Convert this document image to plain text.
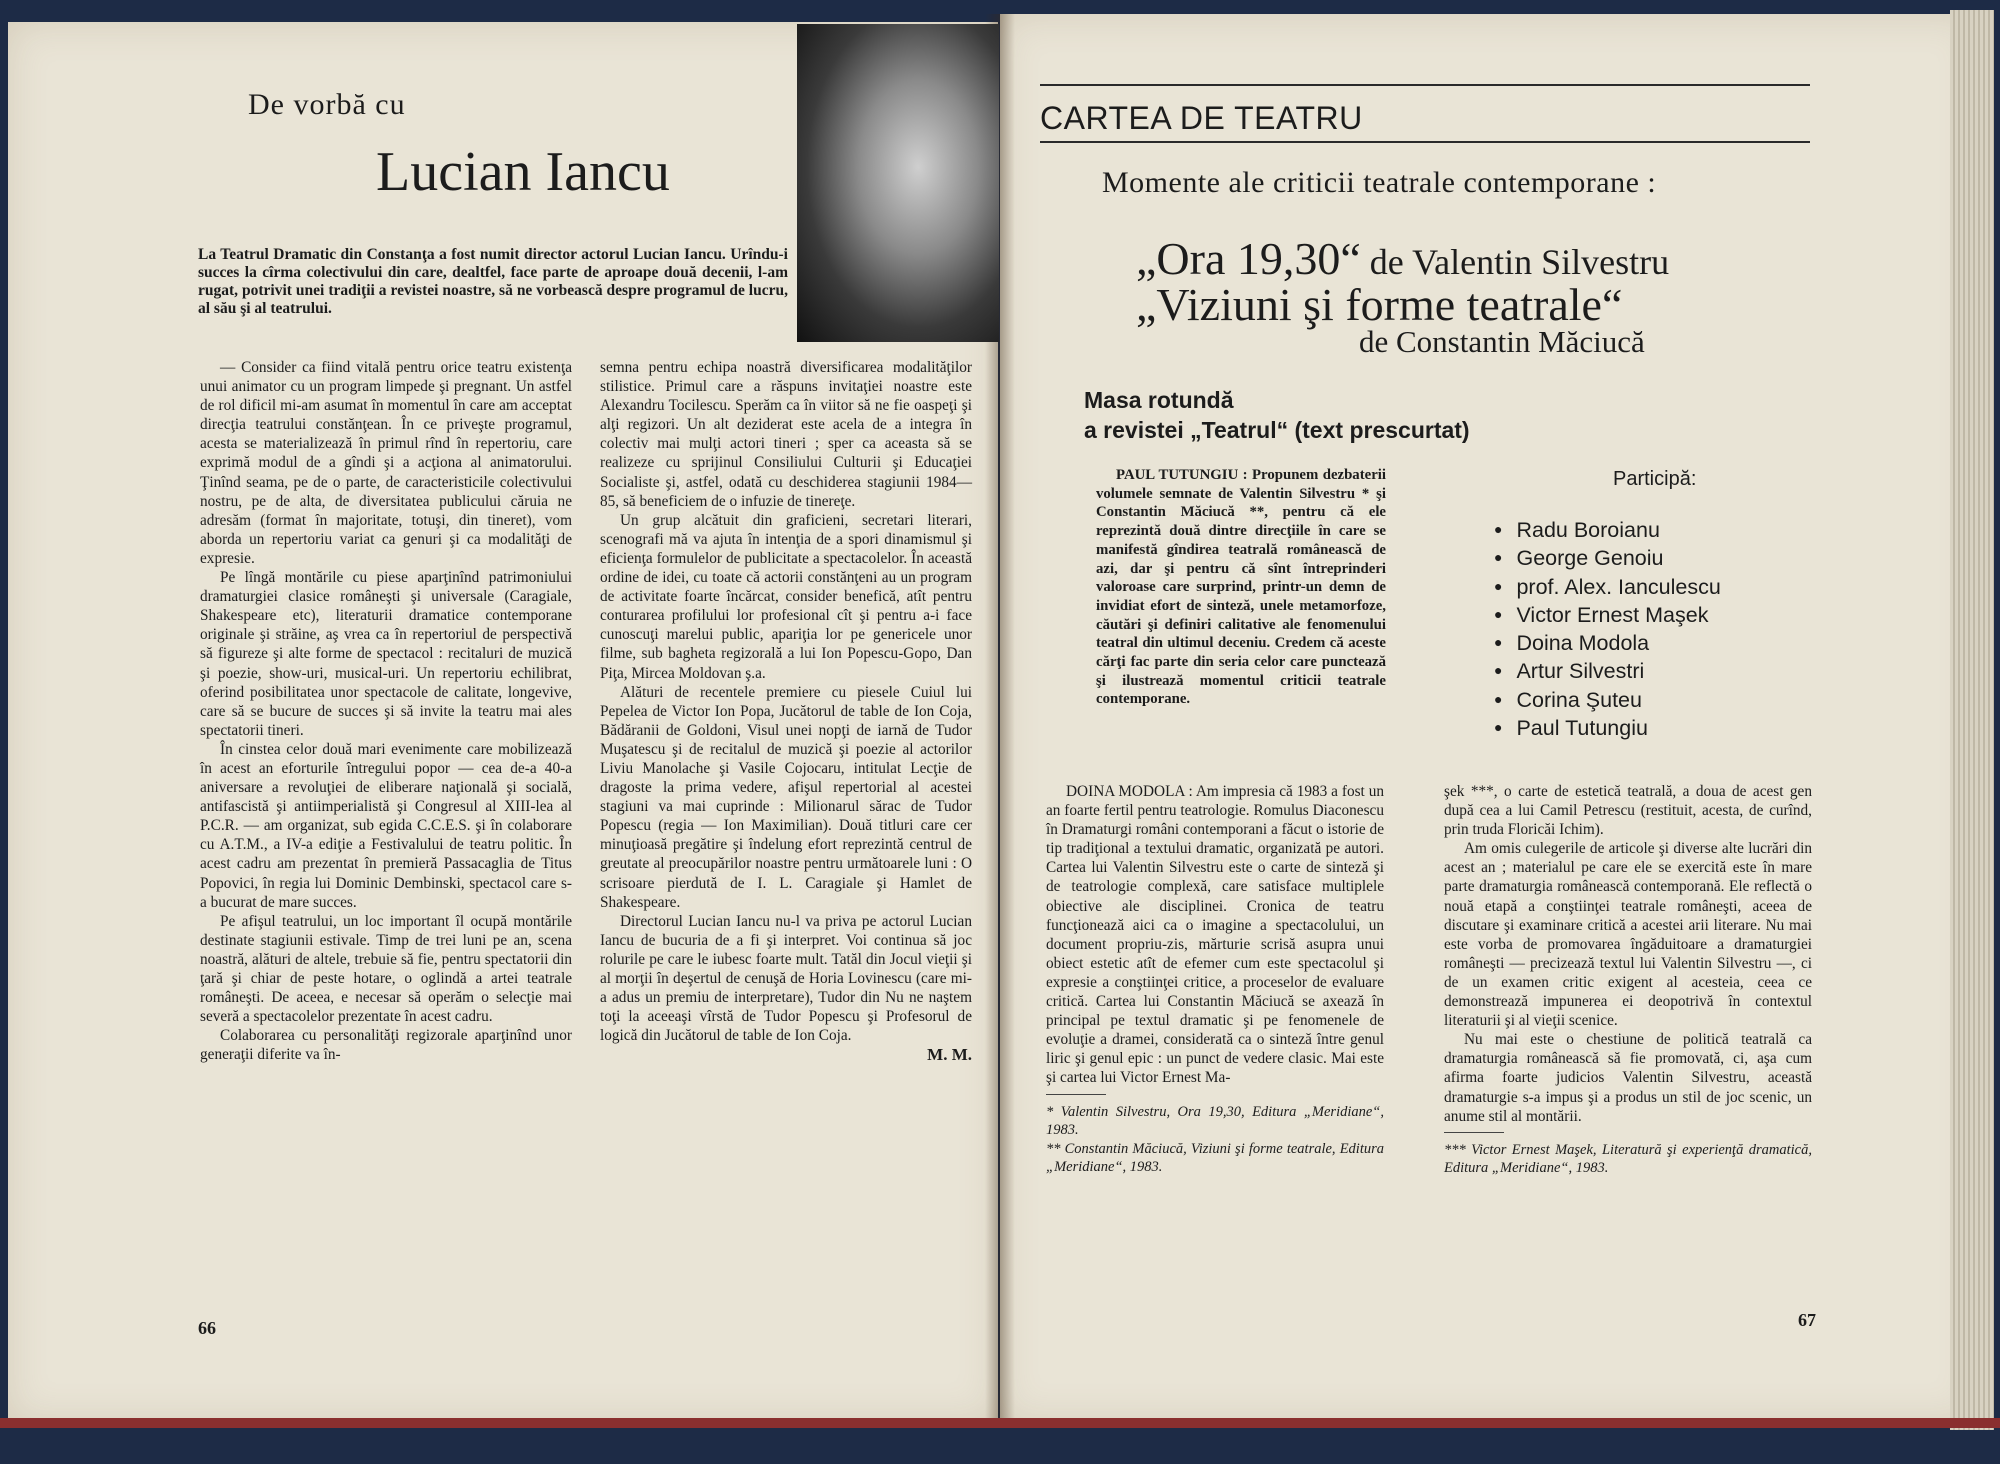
De vorbă cu
Lucian Iancu
La Teatrul Dramatic din Constanţa a fost numit director actorul Lucian Iancu. Urîndu-i succes la cîrma colectivului din care, dealtfel, face parte de aproape două decenii, l-am rugat, potrivit unei tradiţii a revistei noastre, să ne vorbească despre programul de lucru, al său şi al teatrului.

— Consider ca fiind vitală pentru orice teatru existenţa unui animator cu un program limpede şi pregnant. Un astfel de rol dificil mi-am asumat în momentul în care am acceptat direcţia teatrului constănţean. În ce priveşte programul, acesta se materializează în primul rînd în repertoriu, care exprimă modul de a gîndi şi a acţiona al animatorului. Ţinînd seama, pe de o parte, de caracteristicile colectivului nostru, pe de alta, de diversitatea publicului căruia ne adresăm (format în majoritate, totuşi, din tineret), vom aborda un repertoriu variat ca genuri şi ca modalităţi de expresie.

Pe lîngă montările cu piese aparţinînd patrimoniului dramaturgiei clasice româneşti şi universale (Caragiale, Shakespeare etc), literaturii dramatice contemporane originale şi străine, aş vrea ca în repertoriul de perspectivă să figureze şi alte forme de spectacol : recitaluri de muzică şi poezie, show-uri, musical-uri. Un repertoriu echilibrat, oferind posibilitatea unor spectacole de calitate, longevive, care să se bucure de succes şi să invite la teatru mai ales spectatorii tineri.

În cinstea celor două mari evenimente care mobilizează în acest an eforturile întregului popor — cea de-a 40-a aniversare a revoluţiei de eliberare naţională şi socială, antifascistă şi antiimperialistă şi Congresul al XIII-lea al P.C.R. — am organizat, sub egida C.C.E.S. şi în colaborare cu A.T.M., a IV-a ediţie a Festivalului de teatru politic. În acest cadru am prezentat în premieră Passacaglia de Titus Popovici, în regia lui Dominic Dembinski, spectacol care s-a bucurat de mare succes.

Pe afişul teatrului, un loc important îl ocupă montările destinate stagiunii estivale. Timp de trei luni pe an, scena noastră, alături de altele, trebuie să fie, pentru spectatorii din ţară şi chiar de peste hotare, o oglindă a artei teatrale româneşti. De aceea, e necesar să operăm o selecţie mai severă a spectacolelor prezentate în acest cadru.

Colaborarea cu personalităţi regizorale aparţinînd unor generaţii diferite va în-

semna pentru echipa noastră diversificarea modalităţilor stilistice. Primul care a răspuns invitaţiei noastre este Alexandru Tocilescu. Sperăm ca în viitor să ne fie oaspeţi şi alţi regizori. Un alt deziderat este acela de a integra în colectiv mai mulţi actori tineri ; sper ca aceasta să se realizeze cu sprijinul Consiliului Culturii şi Educaţiei Socialiste şi, astfel, odată cu deschiderea stagiunii 1984—85, să beneficiem de o infuzie de tinereţe.

Un grup alcătuit din graficieni, secretari literari, scenografi mă va ajuta în intenţia de a spori dinamismul şi eficienţa formulelor de publicitate a spectacolelor. În această ordine de idei, cu toate că actorii constănţeni au un program de activitate foarte încărcat, consider benefică, atît pentru conturarea profilului lor profesional cît şi pentru a-i face cunoscuţi marelui public, apariţia lor pe genericele unor filme, sub bagheta regizorală a lui Ion Popescu-Gopo, Dan Piţa, Mircea Moldovan ş.a.

Alături de recentele premiere cu piesele Cuiul lui Pepelea de Victor Ion Popa, Jucătorul de table de Ion Coja, Bădăranii de Goldoni, Visul unei nopţi de iarnă de Tudor Muşatescu şi de recitalul de muzică şi poezie al actorilor Liviu Manolache şi Vasile Cojocaru, intitulat Lecţie de dragoste la prima vedere, afişul repertorial al acestei stagiuni va mai cuprinde : Milionarul sărac de Tudor Popescu (regia — Ion Maximilian). Două titluri care cer minuţioasă pregătire şi îndelung efort reprezintă centrul de greutate al preocupărilor noastre pentru următoarele luni : O scrisoare pierdută de I. L. Caragiale şi Hamlet de Shakespeare.

Directorul Lucian Iancu nu-l va priva pe actorul Lucian Iancu de bucuria de a fi şi interpret. Voi continua să joc rolurile pe care le iubesc foarte mult. Tatăl din Jocul vieţii şi al morţii în deşertul de cenuşă de Horia Lovinescu (care mi-a adus un premiu de interpretare), Tudor din Nu ne naştem toţi la aceeaşi vîrstă de Tudor Popescu şi Profesorul de logică din Jucătorul de table de Ion Coja.

M. M.
66
CARTEA DE TEATRU
Momente ale criticii teatrale contemporane :
„Ora 19,30“ de Valentin Silvestru
„Viziuni şi forme teatrale“
de Constantin Măciucă
Masa rotundă
a revistei „Teatrul“ (text prescurtat)

PAUL TUTUNGIU : Propunem dezbaterii volumele semnate de Valentin Silvestru * şi Constantin Măciucă **, pentru că ele reprezintă două dintre direcţiile în care se manifestă gîndirea teatrală românească de azi, dar şi pentru că sînt întreprinderi valoroase care surprind, printr-un demn de invidiat efort de sinteză, unele metamorfoze, căutări şi definiri calitative ale fenomenului teatral din ultimul deceniu. Credem că aceste cărţi fac parte din seria celor care punctează şi ilustrează momentul criticii teatrale contemporane.

Participă:
● Radu Boroianu
● George Genoiu
● prof. Alex. Ianculescu
● Victor Ernest Maşek
● Doina Modola
● Artur Silvestri
● Corina Şuteu
● Paul Tutungiu

DOINA MODOLA : Am impresia că 1983 a fost un an foarte fertil pentru teatrologie. Romulus Diaconescu în Dramaturgi români contemporani a făcut o istorie de tip tradiţional a textului dramatic, organizată pe autori. Cartea lui Valentin Silvestru este o carte de sinteză şi de teatrologie complexă, care satisface multiplele obiective ale disciplinei. Cronica de teatru funcţionează aici ca o imagine a spectacolului, un document propriu-zis, mărturie scrisă asupra unui obiect estetic atît de efemer cum este spectacolul şi expresie a conştiinţei critice, a proceselor de evaluare critică. Cartea lui Constantin Măciucă se axează în principal pe textul dramatic şi pe fenomenele de evoluţie a dramei, considerată ca o sinteză între genul liric şi genul epic : un punct de vedere clasic. Mai este şi cartea lui Victor Ernest Ma-

* Valentin Silvestru, Ora 19,30, Editura „Meridiane“, 1983.
** Constantin Măciucă, Viziuni şi forme teatrale, Editura „Meridiane“, 1983.

şek ***, o carte de estetică teatrală, a doua de acest gen după cea a lui Camil Petrescu (restituit, acesta, de curînd, prin truda Floricăi Ichim).

Am omis culegerile de articole şi diverse alte lucrări din acest an ; materialul pe care ele se exercită este în mare parte dramaturgia românească contemporană. Ele reflectă o nouă etapă a conştiinţei teatrale româneşti, aceea de discutare şi examinare critică a acestei arii literare. Nu mai este vorba de promovarea îngăduitoare a dramaturgiei româneşti — precizează textul lui Valentin Silvestru —, ci de un examen critic exigent al acesteia, ceea ce demonstrează impunerea ei deopotrivă în contextul literaturii şi al vieţii scenice.

Nu mai este o chestiune de politică teatrală ca dramaturgia românească să fie promovată, ci, aşa cum afirma foarte judicios Valentin Silvestru, această dramaturgie s-a impus şi a produs un stil de joc scenic, un anume stil al montării.

*** Victor Ernest Maşek, Literatură şi experienţă dramatică, Editura „Meridiane“, 1983.
67
